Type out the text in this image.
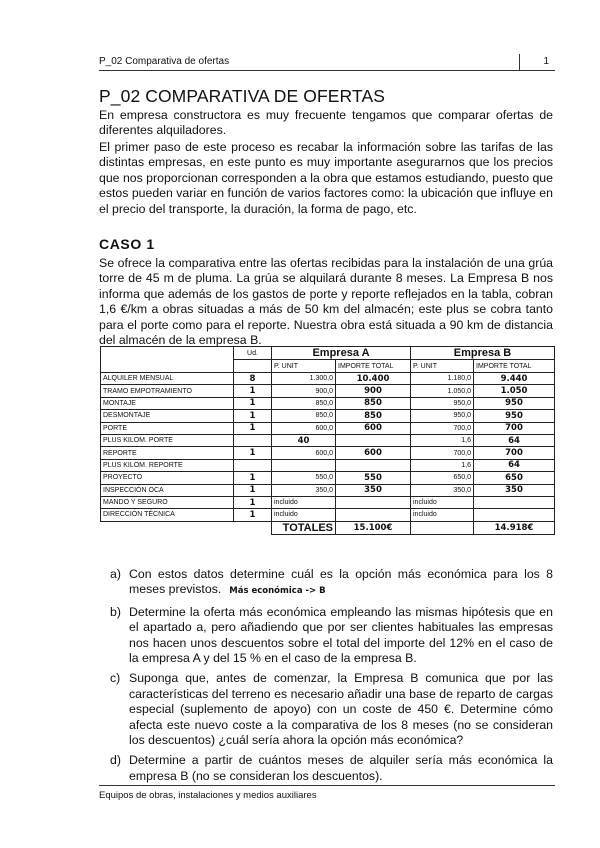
P_02 Comparativa de ofertas	1
P_02 COMPARATIVA DE OFERTAS

En empresa constructora es muy frecuente tengamos que comparar ofertas de diferentes alquiladores.

El primer paso de este proceso es recabar la información sobre las tarifas de las distintas empresas, en este punto es muy importante asegurarnos que los precios que nos proporcionan corresponden a la obra que estamos estudiando, puesto que estos pueden variar en función de varios factores como: la ubicación que influye en el precio del transporte, la duración, la forma de pago, etc.

CASO 1

Se ofrece la comparativa entre las ofertas recibidas para la instalación de una grúa torre de 45 m de pluma. La grúa se alquilará durante 8 meses. La Empresa B nos informa que además de los gastos de porte y reporte reflejados en la tabla, cobran 1,6 €/km a obras situadas a más de 50 km del almacén; este plus se cobra tanto para el porte como para el reporte. Nuestra obra está situada a 90 km de distancia del almacén de la empresa B.

	Ud.	Empresa A		Empresa B	
		P. UNIT	IMPORTE TOTAL	P. UNIT	IMPORTE TOTAL
ALQUILER MENSUAL	8	1.300,0	10.400	1.180,0	9.440
TRAMO EMPOTRAMIENTO	1	900,0	900	1.050,0	1.050
MONTAJE	1	850,0	850	950,0	950
DESMONTAJE	1	850,0	850	950,0	950
PORTE	1	600,0	600	700,0	700
PLUS KILOM. PORTE		40		1,6	64
REPORTE	1	600,0	600	700,0	700
PLUS KILOM. REPORTE				1,6	64
PROYECTO	1	550,0	550	650,0	650
INSPECCIÓN OCA	1	350,0	350	350,0	350
MANDO Y SEGURO	1	incluido		incluido	
DIRECCIÓN TÉCNICA	1	incluido		incluido	
		TOTALES	15.100€		14.918€
a) Con estos datos determine cuál es la opción más económica para los 8 meses previstos. Más económica -> B
b) Determine la oferta más económica empleando las mismas hipótesis que en el apartado a, pero añadiendo que por ser clientes habituales las empresas nos hacen unos descuentos sobre el total del importe del 12% en el caso de la empresa A y del 15 % en el caso de la empresa B.
c) Suponga que, antes de comenzar, la Empresa B comunica que por las características del terreno es necesario añadir una base de reparto de cargas especial (suplemento de apoyo) con un coste de 450 €. Determine cómo afecta este nuevo coste a la comparativa de los 8 meses (no se consideran los descuentos) ¿cuál sería ahora la opción más económica?
d) Determine a partir de cuántos meses de alquiler sería más económica la empresa B (no se consideran los descuentos).
Equipos de obras, instalaciones y medios auxiliares
